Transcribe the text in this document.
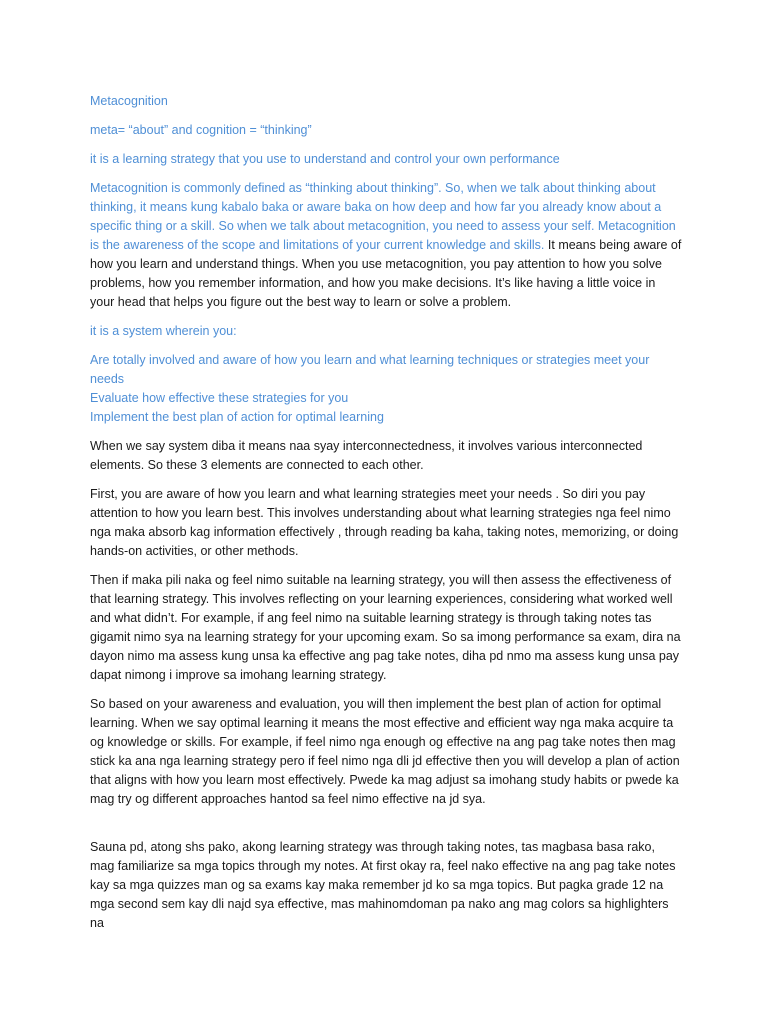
Metacognition

meta= “about” and cognition = “thinking”

it is a learning strategy that you use to understand and control your own performance

Metacognition is commonly defined as “thinking about thinking”. So, when we talk about thinking about thinking, it means kung kabalo baka or aware baka on how deep and how far you already know about a specific thing or a skill. So when we talk about metacognition, you need to assess your self. Metacognition is the awareness of the scope and limitations of your current knowledge and skills. It means being aware of how you learn and understand things. When you use metacognition, you pay attention to how you solve problems, how you remember information, and how you make decisions. It’s like having a little voice in your head that helps you figure out the best way to learn or solve a problem.

it is a system wherein you:

Are totally involved and aware of how you learn and what learning techniques or strategies meet your needs
Evaluate how effective these strategies for you
Implement the best plan of action for optimal learning

When we say system diba it means naa syay interconnectedness, it involves various interconnected elements. So these 3 elements are connected to each other.

First, you are aware of how you learn and what learning strategies meet your needs . So diri you pay attention to how you learn best. This involves understanding about what learning strategies nga feel nimo nga maka absorb kag information effectively , through reading ba kaha, taking notes, memorizing, or doing hands-on activities, or other methods.

Then if maka pili naka og feel nimo suitable na learning strategy, you will then assess the effectiveness of that learning strategy. This involves reflecting on your learning experiences, considering what worked well and what didn’t. For example, if ang feel nimo na suitable learning strategy is through taking notes tas gigamit nimo sya na learning strategy for your upcoming exam. So sa imong performance sa exam, dira na dayon nimo ma assess kung unsa ka effective ang pag take notes, diha pd nmo ma assess kung unsa pay dapat nimong i improve sa imohang learning strategy.

So based on your awareness and evaluation, you will then implement the best plan of action for optimal learning. When we say optimal learning it means the most effective and efficient way nga maka acquire ta og knowledge or skills. For example, if feel nimo nga enough og effective na ang pag take notes then mag stick ka ana nga learning strategy pero if feel nimo nga dli jd effective then you will develop a plan of action that aligns with how you learn most effectively. Pwede ka mag adjust sa imohang study habits or pwede ka mag try og different approaches hantod sa feel nimo effective na jd sya.

Sauna pd, atong shs pako, akong learning strategy was through taking notes, tas magbasa basa rako, mag familiarize sa mga topics through my notes. At first okay ra, feel nako effective na ang pag take notes kay sa mga quizzes man og sa exams kay maka remember jd ko sa mga topics. But pagka grade 12 na mga second sem kay dli najd sya effective, mas mahinomdoman pa nako ang mag colors sa highlighters na
